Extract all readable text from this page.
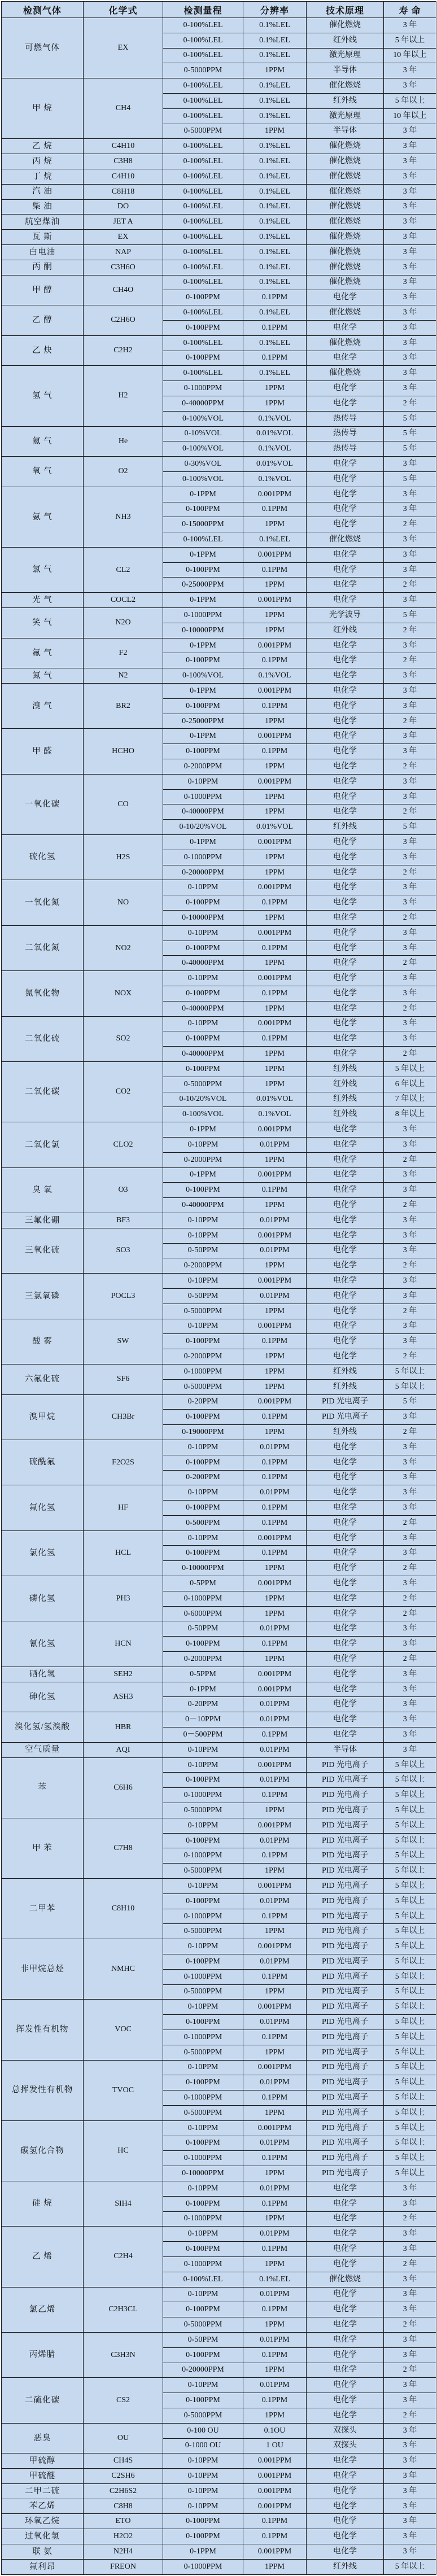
检测气体	化学式	检测量程	分辨率	技术原理	寿 命
可燃气体	EX	0-100%LEL	0.1%LEL	催化燃烧	3 年
		0-100%LEL	0.1%LEL	红外线	5 年以上
		0-100%LEL	0.1%LEL	激光原理	10 年以上
		0-5000PPM	1PPM	半导体	3 年
甲 烷	CH4	0-100%LEL	0.1%LEL	催化燃烧	3 年
		0-100%LEL	0.1%LEL	红外线	5 年以上
		0-100%LEL	0.1%LEL	激光原理	10 年以上
		0-5000PPM	1PPM	半导体	3 年
乙 烷	C4H10	0-100%LEL	0.1%LEL	催化燃烧	3 年
丙 烷	C3H8	0-100%LEL	0.1%LEL	催化燃烧	3 年
丁 烷	C4H10	0-100%LEL	0.1%LEL	催化燃烧	3 年
汽 油	C8H18	0-100%LEL	0.1%LEL	催化燃烧	3 年
柴 油	DO	0-100%LEL	0.1%LEL	催化燃烧	3 年
航空煤油	JET A	0-100%LEL	0.1%LEL	催化燃烧	3 年
瓦 斯	EX	0-100%LEL	0.1%LEL	催化燃烧	3 年
白电油	NAP	0-100%LEL	0.1%LEL	催化燃烧	3 年
丙 酮	C3H6O	0-100%LEL	0.1%LEL	催化燃烧	3 年
甲 醇	CH4O	0-100%LEL	0.1%LEL	催化燃烧	3 年
		0-100PPM	0.1PPM	电化学	3 年
乙 醇	C2H6O	0-100%LEL	0.1%LEL	催化燃烧	3 年
		0-100PPM	0.1PPM	电化学	3 年
乙 炔	C2H2	0-100%LEL	0.1%LEL	催化燃烧	3 年
		0-100PPM	0.1PPM	电化学	3 年
氢 气	H2	0-100%LEL	0.1%LEL	催化燃烧	3 年
		0-1000PPM	1PPM	电化学	3 年
		0-40000PPM	1PPM	电化学	2 年
		0-100%VOL	0.1%VOL	热传导	5 年
氦 气	He	0-10%VOL	0.01%VOL	热传导	5 年
		0-100%VOL	0.1%VOL	热传导	5 年
氧 气	O2	0-30%VOL	0.01%VOL	电化学	3 年
		0-100%VOL	0.1%VOL	电化学	5 年
氨 气	NH3	0-1PPM	0.001PPM	电化学	3 年
		0-100PPM	0.1PPM	电化学	3 年
		0-15000PPM	1PPM	电化学	2 年
		0-100%LEL	0.1%LEL	催化燃烧	3 年
氯 气	CL2	0-1PPM	0.001PPM	电化学	3 年
		0-100PPM	0.1PPM	电化学	3 年
		0-25000PPM	1PPM	电化学	2 年
光 气	COCL2	0-1PPM	0.001PPM	电化学	3 年
笑 气	N2O	0-1000PPM	1PPM	光学波导	5 年
		0-10000PPM	1PPM	红外线	2 年
氟 气	F2	0-1PPM	0.001PPM	电化学	3 年
		0-100PPM	0.1PPM	电化学	2 年
氮 气	N2	0-100%VOL	0.1%VOL	电化学	3 年
溴 气	BR2	0-1PPM	0.001PPM	电化学	3 年
		0-100PPM	0.1PPM	电化学	3 年
		0-25000PPM	1PPM	电化学	2 年
甲 醛	HCHO	0-1PPM	0.001PPM	电化学	3 年
		0-100PPM	0.1PPM	电化学	3 年
		0-2000PPM	1PPM	电化学	2 年
一氧化碳	CO	0-10PPM	0.001PPM	电化学	3 年
		0-1000PPM	1PPM	电化学	3 年
		0-40000PPM	1PPM	电化学	2 年
		0-10/20%VOL	0.01%VOL	红外线	5 年
硫化氢	H2S	0-1PPM	0.001PPM	电化学	3 年
		0-1000PPM	1PPM	电化学	3 年
		0-20000PPM	1PPM	电化学	2 年
一氧化氮	NO	0-10PPM	0.001PPM	电化学	3 年
		0-100PPM	0.1PPM	电化学	3 年
		0-10000PPM	1PPM	电化学	2 年
二氧化氮	NO2	0-10PPM	0.001PPM	电化学	3 年
		0-100PPM	0.1PPM	电化学	3 年
		0-40000PPM	1PPM	电化学	2 年
氮氧化物	NOX	0-10PPM	0.001PPM	电化学	3 年
		0-100PPM	0.1PPM	电化学	3 年
		0-40000PPM	1PPM	电化学	2 年
二氧化硫	SO2	0-10PPM	0.001PPM	电化学	3 年
		0-100PPM	0.1PPM	电化学	3 年
		0-40000PPM	1PPM	电化学	2 年
二氧化碳	CO2	0-100PPM	1PPM	红外线	5 年以上
		0-5000PPM	1PPM	红外线	6 年以上
		0-10/20%VOL	0.01%VOL	红外线	7 年以上
		0-100%VOL	0.1%VOL	红外线	8 年以上
二氧化氯	CLO2	0-1PPM	0.001PPM	电化学	3 年
		0-10PPM	0.01PPM	电化学	3 年
		0-2000PPM	1PPM	电化学	2 年
臭 氧	O3	0-1PPM	0.001PPM	电化学	3 年
		0-100PPM	0.1PPM	电化学	3 年
		0-40000PPM	1PPM	电化学	2 年
三氟化硼	BF3	0-10PPM	0.01PPM	电化学	3 年
三氧化硫	SO3	0-10PPM	0.001PPM	电化学	3 年
		0-50PPM	0.01PPM	电化学	3 年
		0-2000PPM	1PPM	电化学	2 年
三氯氧磷	POCL3	0-10PPM	0.001PPM	电化学	3 年
		0-50PPM	0.01PPM	电化学	3 年
		0-5000PPM	1PPM	电化学	2 年
酸 雾	SW	0-10PPM	0.001PPM	电化学	3 年
		0-100PPM	0.1PPM	电化学	3 年
		0-2000PPM	1PPM	电化学	2 年
六氟化硫	SF6	0-1000PPM	1PPM	红外线	5 年以上
		0-5000PPM	1PPM	红外线	5 年以上
溴甲烷	CH3Br	0-20PPM	0.001PPM	PID 光电离子	5 年
		0-100PPM	0.1PPM	PID 光电离子	3 年
		0-19000PPM	1PPM	红外线	2 年
硫酰氟	F2O2S	0-10PPM	0.01PPM	电化学	3 年
		0-100PPM	0.1PPM	电化学	3 年
		0-200PPM	0.1PPM	电化学	3 年
氟化氢	HF	0-10PPM	0.01PPM	电化学	3 年
		0-100PPM	0.1PPM	电化学	3 年
		0-500PPM	0.1PPM	电化学	2 年
氯化氢	HCL	0-10PPM	0.001PPM	电化学	3 年
		0-100PPM	0.1PPM	电化学	3 年
		0-10000PPM	1PPM	电化学	2 年
磷化氢	PH3	0-5PPM	0.001PPM	电化学	3 年
		0-1000PPM	1PPM	电化学	2 年
		0-6000PPM	1PPM	电化学	2 年
氰化氢	HCN	0-50PPM	0.01PPM	电化学	3 年
		0-100PPM	0.1PPM	电化学	3 年
		0-2000PPM	1PPM	电化学	2 年
硒化氢	SEH2	0-5PPM	0.001PPM	电化学	3 年
砷化氢	ASH3	0-1PPM	0.001PPM	电化学	3 年
		0-20PPM	0.01PPM	电化学	3 年
溴化氢/氢溴酸	HBR	0－10PPM	0.01PPM	电化学	3 年
		0－500PPM	0.1PPM	电化学	3 年
空气质量	AQI	0-10PPM	0.01PPM	半导体	3 年
苯	C6H6	0-10PPM	0.001PPM	PID 光电离子	5 年以上
		0-100PPM	0.01PPM	PID 光电离子	5 年以上
		0-1000PPM	0.1PPM	PID 光电离子	5 年以上
		0-5000PPM	1PPM	PID 光电离子	5 年以上
甲 苯	C7H8	0-10PPM	0.001PPM	PID 光电离子	5 年以上
		0-100PPM	0.01PPM	PID 光电离子	5 年以上
		0-1000PPM	0.1PPM	PID 光电离子	5 年以上
		0-5000PPM	1PPM	PID 光电离子	5 年以上
二甲苯	C8H10	0-10PPM	0.001PPM	PID 光电离子	5 年以上
		0-100PPM	0.01PPM	PID 光电离子	5 年以上
		0-1000PPM	0.1PPM	PID 光电离子	5 年以上
		0-5000PPM	1PPM	PID 光电离子	5 年以上
非甲烷总烃	NMHC	0-10PPM	0.001PPM	PID 光电离子	5 年以上
		0-100PPM	0.01PPM	PID 光电离子	5 年以上
		0-1000PPM	0.1PPM	PID 光电离子	5 年以上
		0-5000PPM	1PPM	PID 光电离子	5 年以上
挥发性有机物	VOC	0-10PPM	0.001PPM	PID 光电离子	5 年以上
		0-100PPM	0.01PPM	PID 光电离子	5 年以上
		0-1000PPM	0.1PPM	PID 光电离子	5 年以上
		0-5000PPM	1PPM	PID 光电离子	5 年以上
总挥发性有机物	TVOC	0-10PPM	0.001PPM	PID 光电离子	5 年以上
		0-100PPM	0.01PPM	PID 光电离子	5 年以上
		0-1000PPM	0.1PPM	PID 光电离子	5 年以上
		0-5000PPM	1PPM	PID 光电离子	5 年以上
碳氢化合物	HC	0-10PPM	0.001PPM	PID 光电离子	5 年以上
		0-100PPM	0.01PPM	PID 光电离子	5 年以上
		0-1000PPM	0.1PPM	PID 光电离子	5 年以上
		0-10000PPM	1PPM	PID 光电离子	5 年以上
硅 烷	SIH4	0-10PPM	0.01PPM	电化学	3 年
		0-100PPM	0.1PPM	电化学	3 年
		0-1000PPM	1PPM	电化学	2 年
乙 烯	C2H4	0-10PPM	0.01PPM	电化学	3 年
		0-100PPM	0.1PPM	电化学	3 年
		0-1000PPM	1PPM	电化学	2 年
		0-100%LEL	0.1%LEL	催化燃烧	3 年
氯乙烯	C2H3CL	0-10PPM	0.01PPM	电化学	3 年
		0-100PPM	0.1PPM	电化学	3 年
		0-5000PPM	1PPM	电化学	2 年
丙烯腈	C3H3N	0-50PPM	0.01PPM	电化学	3 年
		0-100PPM	0.1PPM	电化学	3 年
		0-20000PPM	1PPM	电化学	2 年
二硫化碳	CS2	0-10PPM	0.01PPM	电化学	3 年
		0-100PPM	0.1PPM	电化学	3 年
		0-5000PPM	1PPM	电化学	2 年
恶臭	OU	0-100 OU	0.1OU	双探头	3 年
		0-1000 OU	1 OU	双探头	3 年
甲硫醇	CH4S	0-10PPM	0.001PPM	电化学	3 年
甲硫醚	C2SH6	0-10PPM	0.001PPM	电化学	3 年
二甲二硫	C2H6S2	0-10PPM	0.001PPM	电化学	3 年
苯乙烯	C8H8	0-10PPM	0.001PPM	电化学	3 年
环氧乙烷	ETO	0-100PPM	0.1PPM	电化学	3 年
过氧化氢	H2O2	0-100PPM	0.1PPM	电化学	3 年
联 氨	N2H4	0-1PPM	0.001PPM	电化学	3 年
氟利昂	FREON	0-1000PPM	1PPM	红外线	5 年以上
